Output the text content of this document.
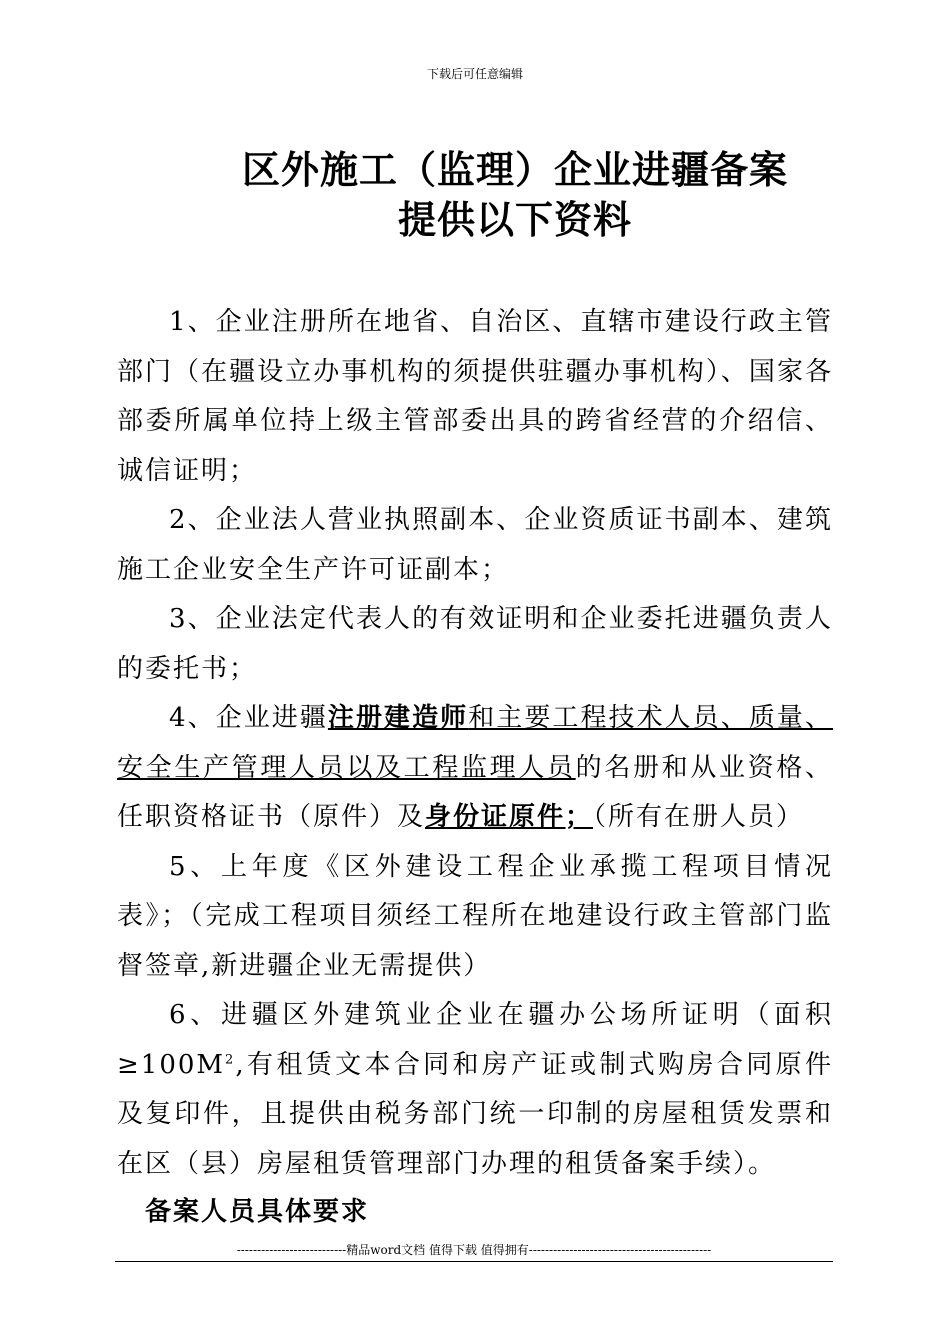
下载后可任意编辑
区外施工（监理）企业进疆备案
提供以下资料

1、企业注册所在地省、自治区、直辖市建设行政主管部门（在疆设立办事机构的须提供驻疆办事机构）、国家各部委所属单位持上级主管部委出具的跨省经营的介绍信、诚信证明；

2、企业法人营业执照副本、企业资质证书副本、建筑施工企业安全生产许可证副本；

3、企业法定代表人的有效证明和企业委托进疆负责人的委托书；

4、企业进疆注册建造师和主要工程技术人员、质量、安全生产管理人员以及工程监理人员的名册和从业资格、任职资格证书（原件）及身份证原件；（所有在册人员）

5、上年度《区外建设工程企业承揽工程项目情况表》；（完成工程项目须经工程所在地建设行政主管部门监督签章,新进疆企业无需提供）

6、进疆区外建筑业企业在疆办公场所证明（面积$\ge 100M^2$,有租赁文本合同和房产证或制式购房合同原件及复印件，且提供由税务部门统一印制的房屋租赁发票和在区（县）房屋租赁管理部门办理的租赁备案手续）。

备案人员具体要求
---------------------------精品word文档 值得下载 值得拥有---------------------------------------------
